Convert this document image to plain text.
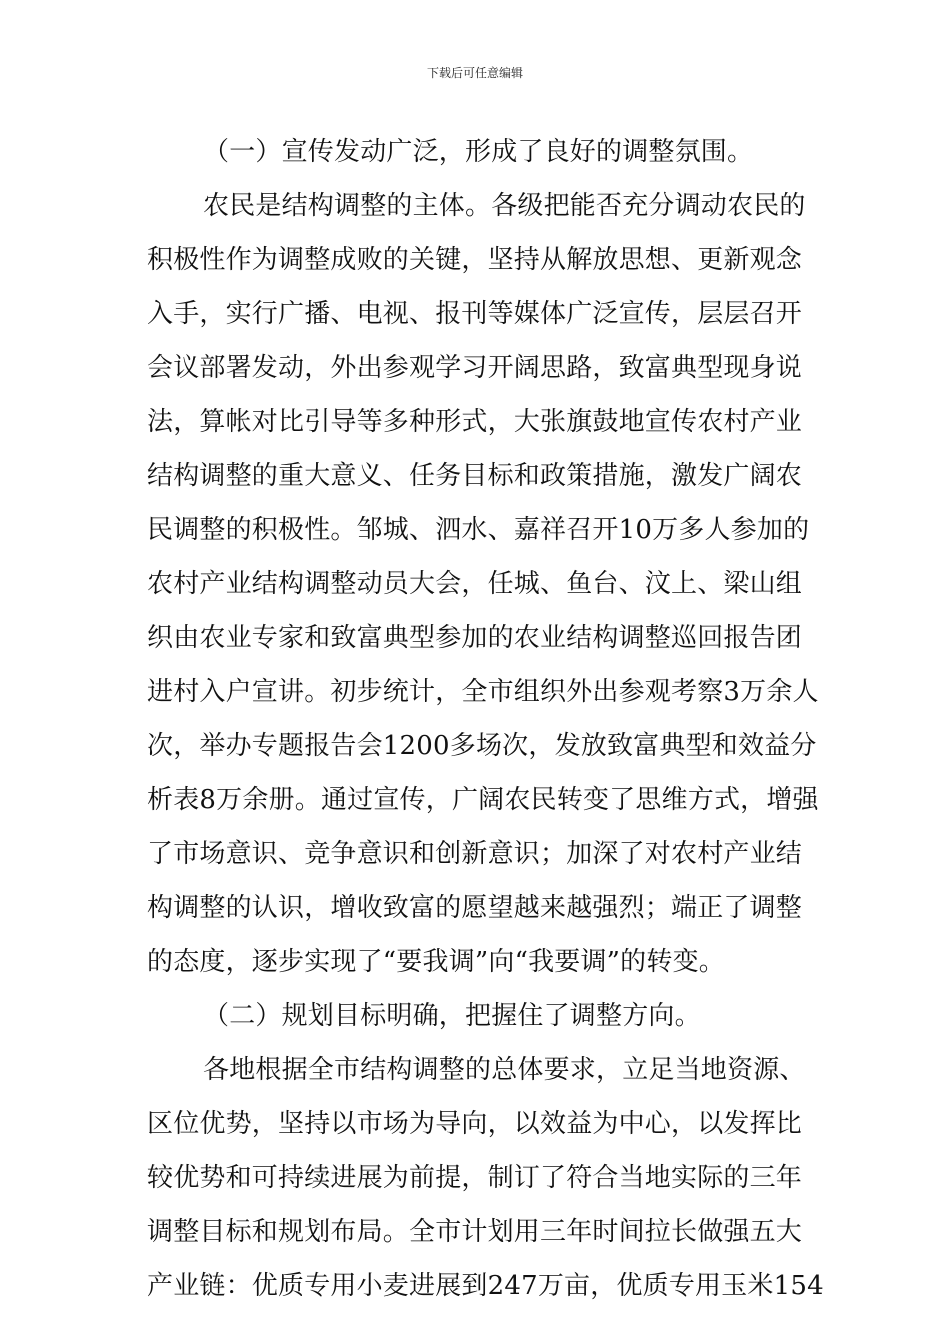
下载后可任意编辑
（一）宣传发动广泛，形成了良好的调整氛围。
农民是结构调整的主体。各级把能否充分调动农民的
积极性作为调整成败的关键，坚持从解放思想、更新观念
入手，实行广播、电视、报刊等媒体广泛宣传，层层召开
会议部署发动，外出参观学习开阔思路，致富典型现身说
法，算帐对比引导等多种形式，大张旗鼓地宣传农村产业
结构调整的重大意义、任务目标和政策措施，激发广阔农
民调整的积极性。邹城、泗水、嘉祥召开10万多人参加的
农村产业结构调整动员大会，任城、鱼台、汶上、梁山组
织由农业专家和致富典型参加的农业结构调整巡回报告团
进村入户宣讲。初步统计，全市组织外出参观考察3万余人
次，举办专题报告会1200多场次，发放致富典型和效益分
析表8万余册。通过宣传，广阔农民转变了思维方式，增强
了市场意识、竞争意识和创新意识；加深了对农村产业结
构调整的认识，增收致富的愿望越来越强烈；端正了调整
的态度，逐步实现了“要我调”向“我要调”的转变。
（二）规划目标明确，把握住了调整方向。
各地根据全市结构调整的总体要求，立足当地资源、
区位优势，坚持以市场为导向，以效益为中心，以发挥比
较优势和可持续进展为前提，制订了符合当地实际的三年
调整目标和规划布局。全市计划用三年时间拉长做强五大
产业链：优质专用小麦进展到247万亩，优质专用玉米154
